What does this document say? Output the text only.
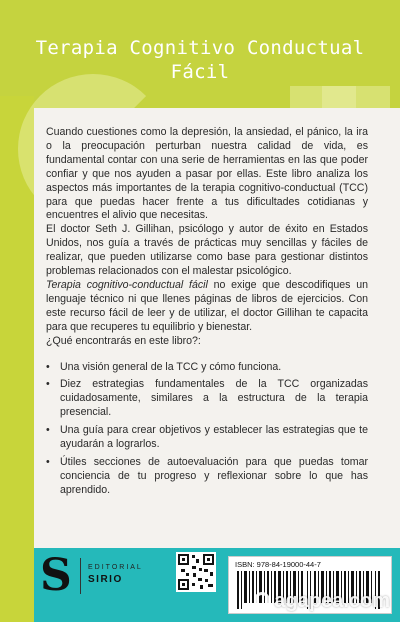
Terapia Cognitivo Conductual
Fácil

Cuando cuestiones como la depresión, la ansiedad, el pánico, la ira o la preocupación perturban nuestra calidad de vida, es fundamental contar con una serie de herramientas en las que poder confiar y que nos ayuden a pasar por ellas. Este libro analiza los aspectos más importantes de la terapia cognitivo-conductual (TCC) para que puedas hacer frente a tus dificultades cotidianas y encuentres el alivio que necesitas.

El doctor Seth J. Gillihan, psicólogo y autor de éxito en Estados Unidos, nos guía a través de prácticas muy sencillas y fáciles de realizar, que pueden utilizarse como base para gestionar distintos problemas relacionados con el malestar psicológico.

Terapia cognitivo-conductual fácil no exige que descodifiques un lenguaje técnico ni que llenes páginas de libros de ejercicios. Con este recurso fácil de leer y de utilizar, el doctor Gillihan te capacita para que recuperes tu equilibrio y bienestar.

¿Qué encontrarás en este libro?:

• Una visión general de la TCC y cómo funciona.
• Diez estrategias fundamentales de la TCC organizadas cuidadosamente, similares a la estructura de la terapia presencial.
• Una guía para crear objetivos y establecer las estrategias que te ayudarán a lograrlos.
• Útiles secciones de autoevaluación para que puedas tomar conciencia de tu progreso y reflexionar sobre lo que has aprendido.
S	EDITORIAL
SIRIO
ISBN: 978-84-19000-44-7
agapea.com
